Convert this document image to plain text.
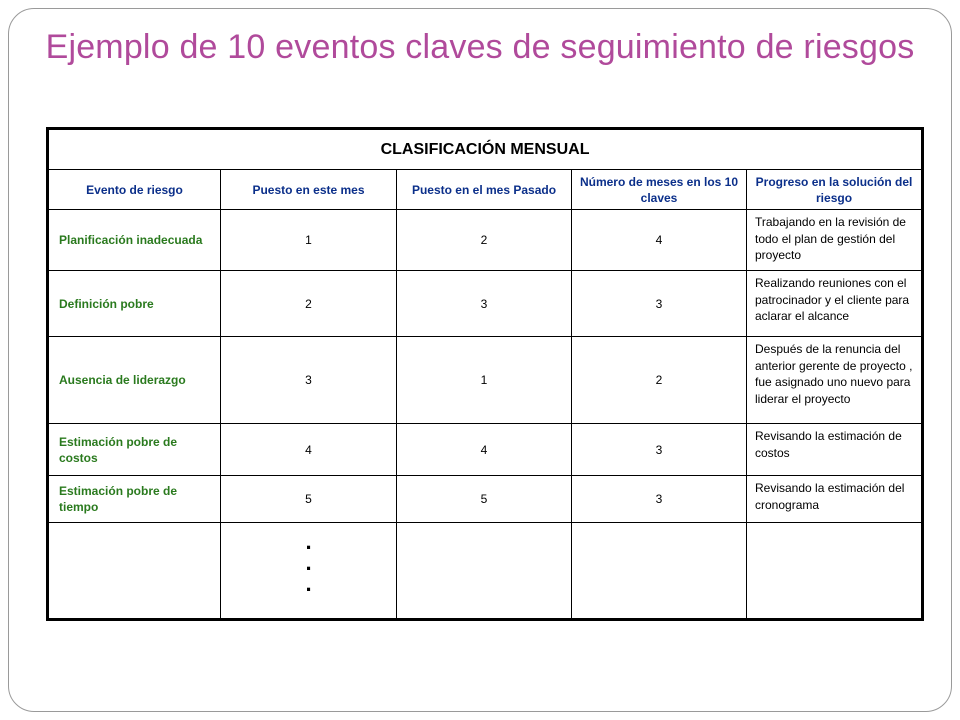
Ejemplo de 10 eventos claves de seguimiento de riesgos
CLASIFICACIÓN MENSUAL				
Evento de riesgo	Puesto en este mes	Puesto en el mes Pasado	Número de meses en los 10 claves	Progreso en la solución del riesgo
Planificación inadecuada	1	2	4	Trabajando en la revisión de todo el plan de gestión del proyecto
Definición pobre	2	3	3	Realizando reuniones con el patrocinador y el cliente para aclarar el alcance
Ausencia de liderazgo	3	1	2	Después de la renuncia del anterior gerente de proyecto , fue asignado uno nuevo para liderar el proyecto
Estimación pobre de costos	4	4	3	Revisando la estimación de costos
Estimación pobre de tiempo	5	5	3	Revisando la estimación del cronograma

	.
.
.			
